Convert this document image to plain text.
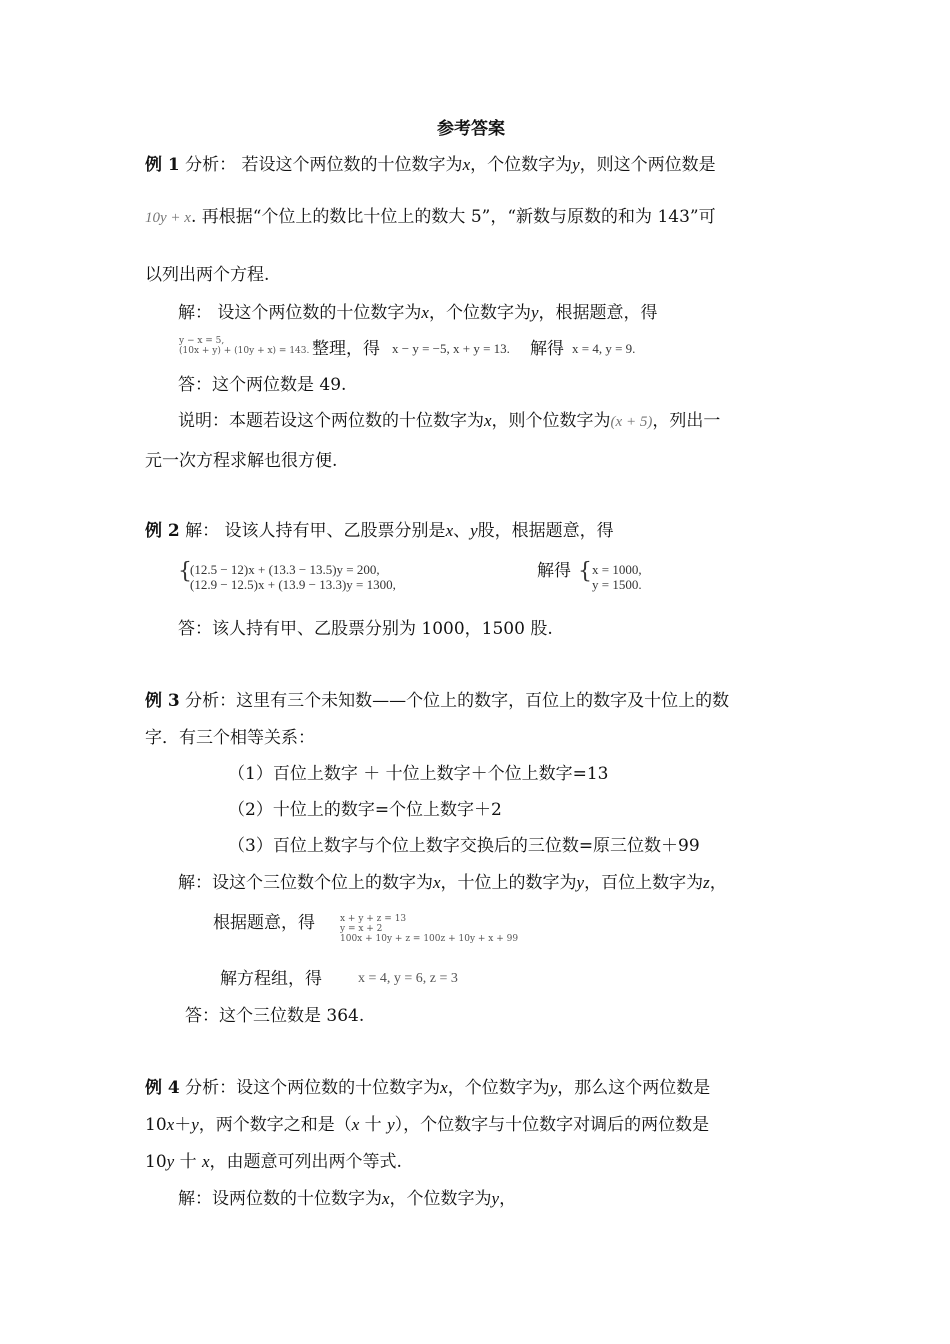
参考答案
例 1 分析： 若设这个两位数的十位数字为x，个位数字为y，则这个两位数是
10y + x. 再根据“个位上的数比十位上的数大 5”，“新数与原数的和为 143”可
以列出两个方程.
解： 设这个两位数的十位数字为x，个位数字为y，根据题意，得
y − x = 5,
(10x + y) + (10y + x) = 143. 整理，得 x − y = −5, x + y = 13. 解得 x = 4, y = 9.
答：这个两位数是 49.
说明：本题若设这个两位数的十位数字为x，则个位数字为(x + 5)，列出一
元一次方程求解也很方便.
例 2 解： 设该人持有甲、乙股票分别是x、y股，根据题意，得
{
(12.5 − 12)x + (13.3 − 13.5)y = 200,
(12.9 − 12.5)x + (13.9 − 13.3)y = 1300,
解得 { x = 1000,
y = 1500.
答：该人持有甲、乙股票分别为 1000，1500 股.
例 3 分析：这里有三个未知数——个位上的数字，百位上的数字及十位上的数
字．有三个相等关系：
（1）百位上数字 ＋ 十位上数字＋个位上数字=13
（2）十位上的数字=个位上数字＋2
（3）百位上数字与个位上数字交换后的三位数=原三位数＋99
解：设这个三位数个位上的数字为x，十位上的数字为y，百位上数字为z，
根据题意，得	x + y + z = 13
y = x + 2
100x + 10y + z = 100z + 10y + x + 99
解方程组，得	x = 4, y = 6, z = 3
答：这个三位数是 364.
例 4 分析：设这个两位数的十位数字为x，个位数字为y，那么这个两位数是
10x＋y，两个数字之和是（x 十 y），个位数字与十位数字对调后的两位数是
10y 十 x，由题意可列出两个等式.
解：设两位数的十位数字为x，个位数字为y，
